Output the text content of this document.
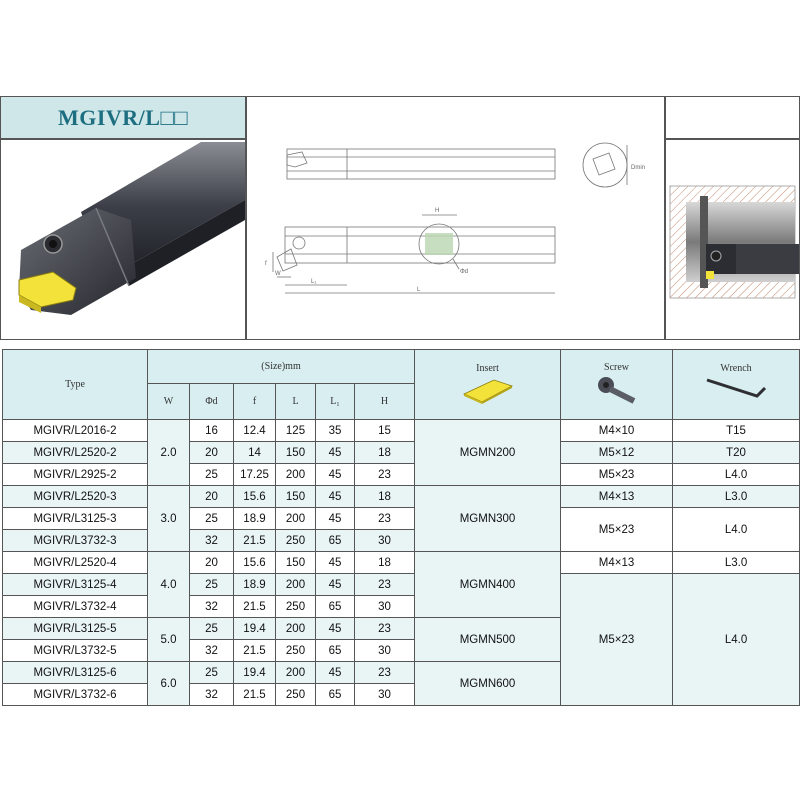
MGIVR/L□□
H
L₁
L
Φd
f
W
Dmin
Type	(Size)mm						Insert	Screw	Wrench

	W	Φd	f	L	L₁	H			
MGIVR/L2016-2	2.0	16	12.4	125	35	15	MGMN200	M4×10	T15
MGIVR/L2520-2		20	14	150	45	18		M5×12	T20
MGIVR/L2925-2		25	17.25	200	45	23		M5×23	L4.0
MGIVR/L2520-3	3.0	20	15.6	150	45	18	MGMN300	M4×13	L3.0
MGIVR/L3125-3		25	18.9	200	45	23		M5×23	L4.0
MGIVR/L3732-3		32	21.5	250	65	30			
MGIVR/L2520-4	4.0	20	15.6	150	45	18	MGMN400	M4×13	L3.0
MGIVR/L3125-4		25	18.9	200	45	23		M5×23	L4.0
MGIVR/L3732-4		32	21.5	250	65	30			
MGIVR/L3125-5	5.0	25	19.4	200	45	23	MGMN500		
MGIVR/L3732-5		32	21.5	250	65	30			
MGIVR/L3125-6	6.0	25	19.4	200	45	23	MGMN600		
MGIVR/L3732-6		32	21.5	250	65	30			
